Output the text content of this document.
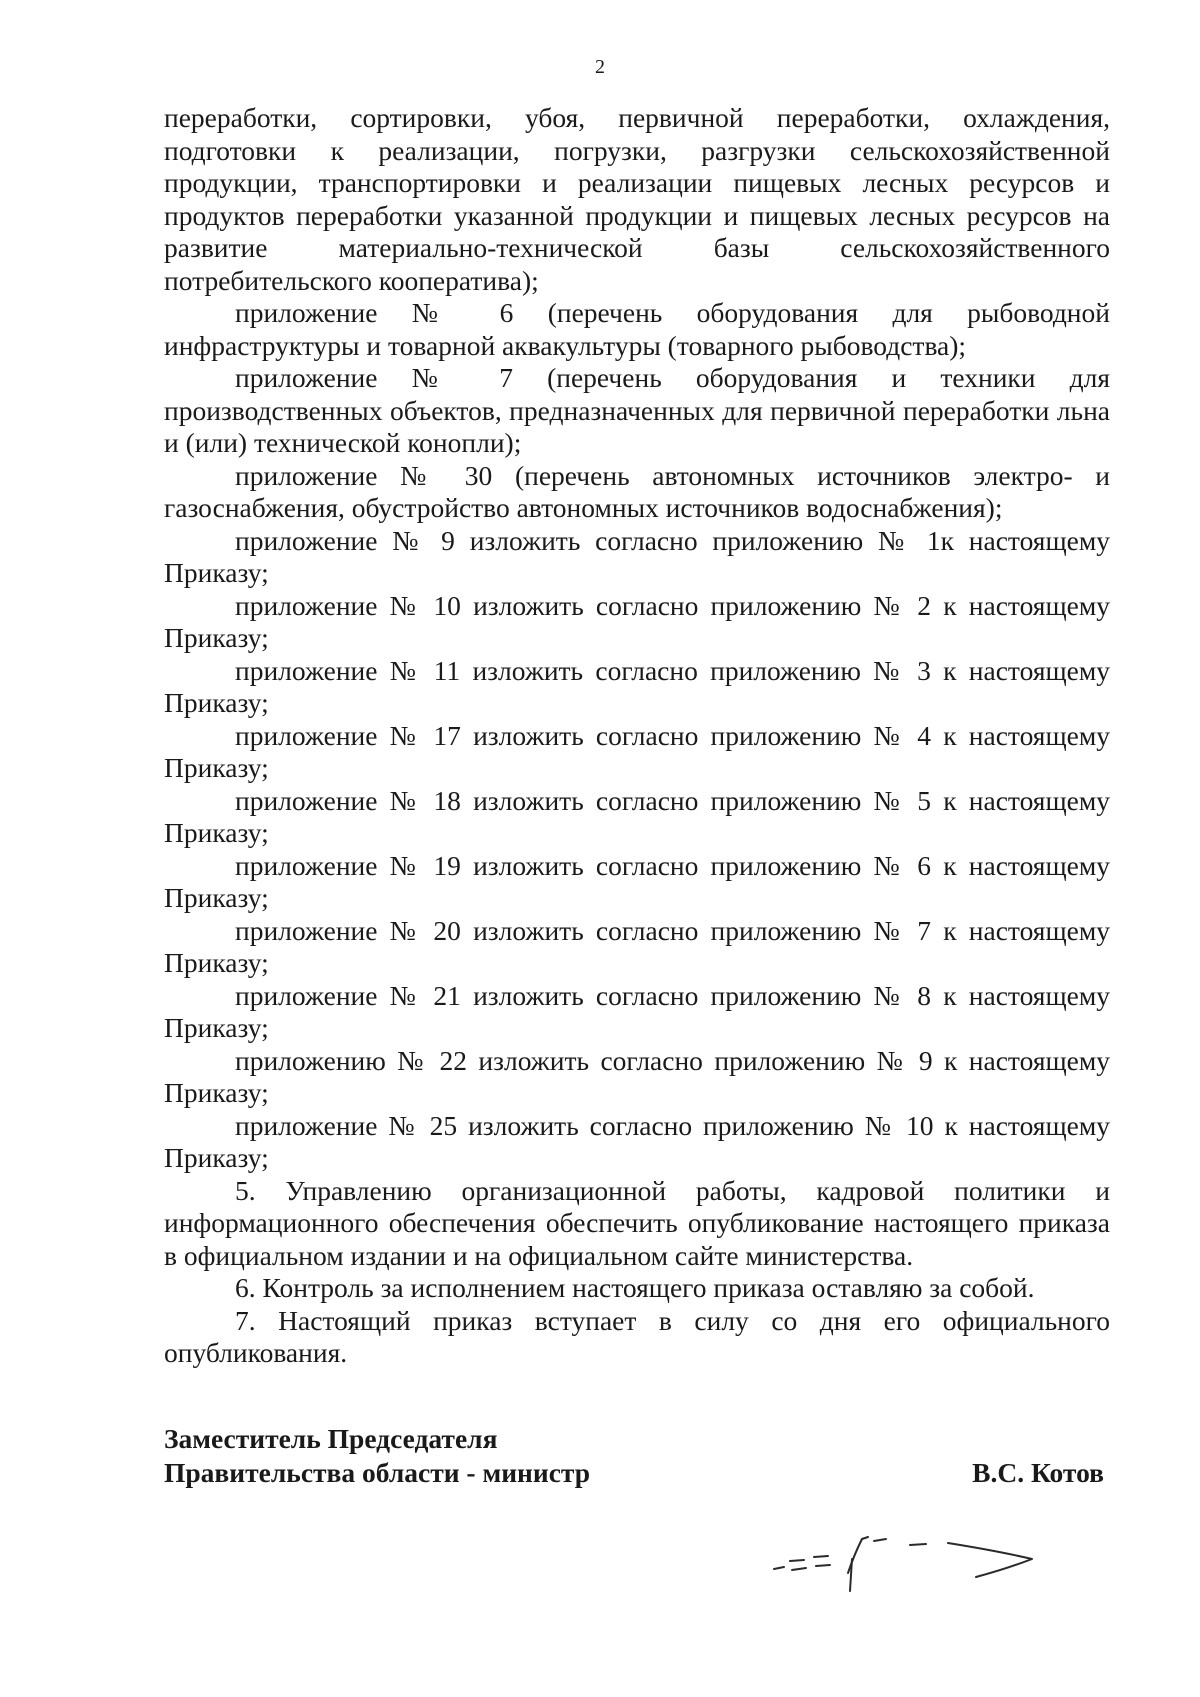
2

переработки, сортировки, убоя, первичной переработки, охлаждения, подготовки к реализации, погрузки, разгрузки сельскохозяйственной продукции, транспортировки и реализации пищевых лесных ресурсов и продуктов переработки указанной продукции и пищевых лесных ресурсов на развитие материально-технической базы сельскохозяйственного потребительского кооператива);

приложение № 6 (перечень оборудования для рыбоводной инфраструктуры и товарной аквакультуры (товарного рыбоводства);

приложение № 7 (перечень оборудования и техники для производственных объектов, предназначенных для первичной переработки льна и (или) технической конопли);

приложение № 30 (перечень автономных источников электро- и газоснабжения, обустройство автономных источников водоснабжения);

приложение № 9 изложить согласно приложению № 1к настоящему Приказу;

приложение № 10 изложить согласно приложению № 2 к настоящему Приказу;

приложение № 11 изложить согласно приложению № 3 к настоящему Приказу;

приложение № 17 изложить согласно приложению № 4 к настоящему Приказу;

приложение № 18 изложить согласно приложению № 5 к настоящему Приказу;

приложение № 19 изложить согласно приложению № 6 к настоящему Приказу;

приложение № 20 изложить согласно приложению № 7 к настоящему Приказу;

приложение № 21 изложить согласно приложению № 8 к настоящему Приказу;

приложению № 22 изложить согласно приложению № 9 к настоящему Приказу;

приложение № 25 изложить согласно приложению № 10 к настоящему Приказу;

5. Управлению организационной работы, кадровой политики и информационного обеспечения обеспечить опубликование настоящего приказа в официальном издании и на официальном сайте министерства.

6. Контроль за исполнением настоящего приказа оставляю за собой.

7. Настоящий приказ вступает в силу со дня его официального опубликования.

Заместитель Председателя
Правительства области - министр	В.С. Котов
